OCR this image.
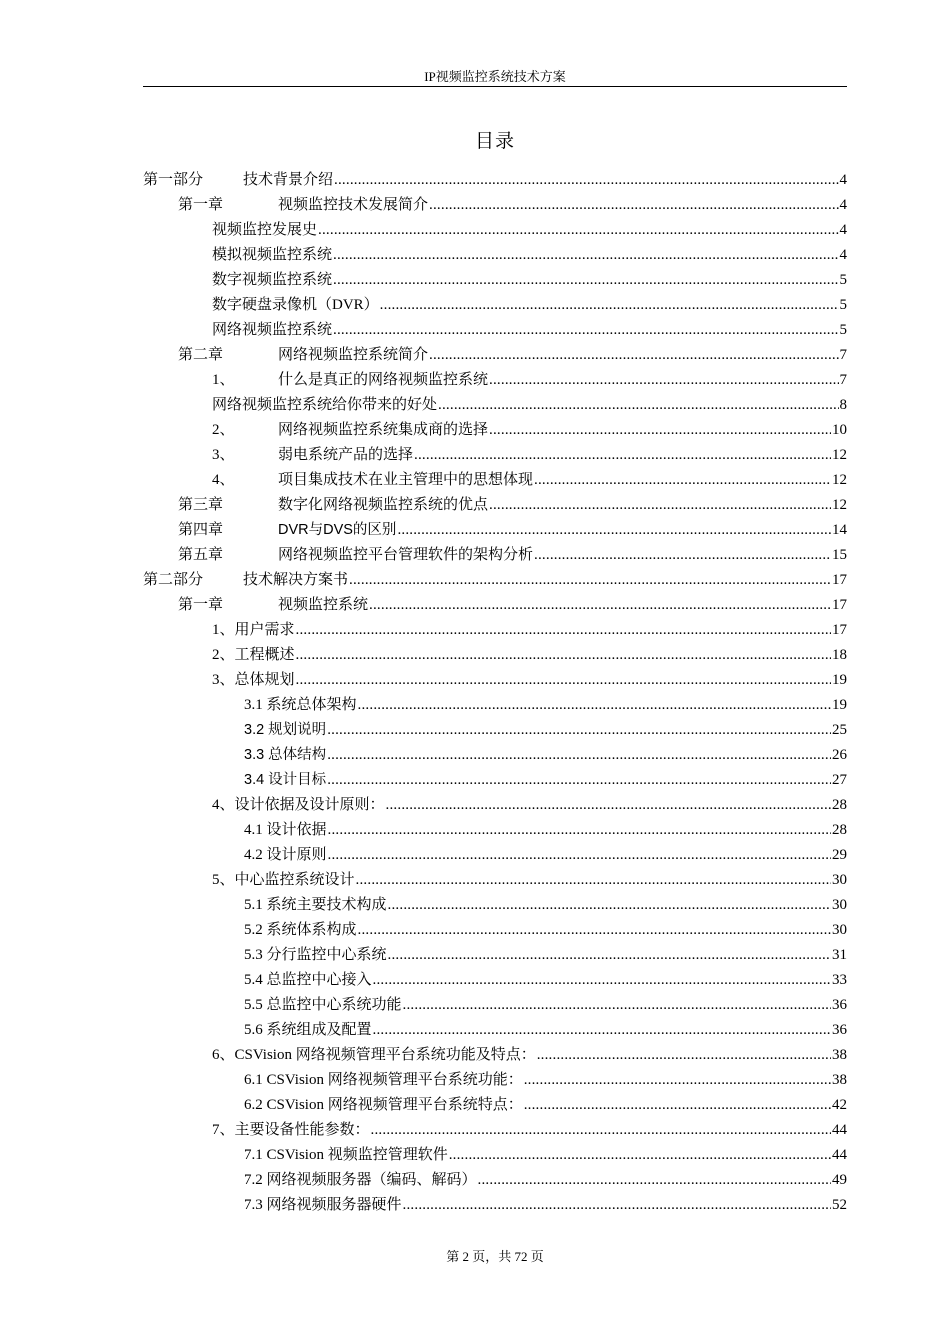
IP视频监控系统技术方案
目录
第一部分	技术背景介绍 .....	4
第一章	视频监控技术发展简介 .....	4
视频监控发展史 .....	4
模拟视频监控系统 .....	4
数字视频监控系统 .....	5
数字硬盘录像机（DVR） .....	5
网络视频监控系统 .....	5
第二章	网络视频监控系统简介 .....	7
1、	什么是真正的网络视频监控系统 .....	7
网络视频监控系统给你带来的好处 .....	8
2、	网络视频监控系统集成商的选择 .....	10
3、	弱电系统产品的选择 .....	12
4、	项目集成技术在业主管理中的思想体现 .....	12
第三章	数字化网络视频监控系统的优点 .....	12
第四章	DVR与DVS的区别 .....	14
第五章	网络视频监控平台管理软件的架构分析 .....	15
第二部分	技术解决方案书 .....	17
第一章	视频监控系统 .....	17
1、用户需求 .....	17
2、工程概述 .....	18
3、总体规划 .....	19
3.1 系统总体架构 .....	19
3.2 规划说明 .....	25
3.3 总体结构 .....	26
3.4 设计目标 .....	27
4、设计依据及设计原则： .....	28
4.1 设计依据 .....	28
4.2 设计原则 .....	29
5、中心监控系统设计 .....	30
5.1 系统主要技术构成 .....	30
5.2 系统体系构成 .....	30
5.3 分行监控中心系统 .....	31
5.4 总监控中心接入 .....	33
5.5 总监控中心系统功能 .....	36
5.6 系统组成及配置 .....	36
6、CSVision 网络视频管理平台系统功能及特点： .....	38
6.1 CSVision 网络视频管理平台系统功能： .....	38
6.2 CSVision 网络视频管理平台系统特点： .....	42
7、主要设备性能参数： .....	44
7.1 CSVision 视频监控管理软件 .....	44
7.2 网络视频服务器（编码、解码） .....	49
7.3 网络视频服务器硬件 .....	52
第 2 页，共 72 页
